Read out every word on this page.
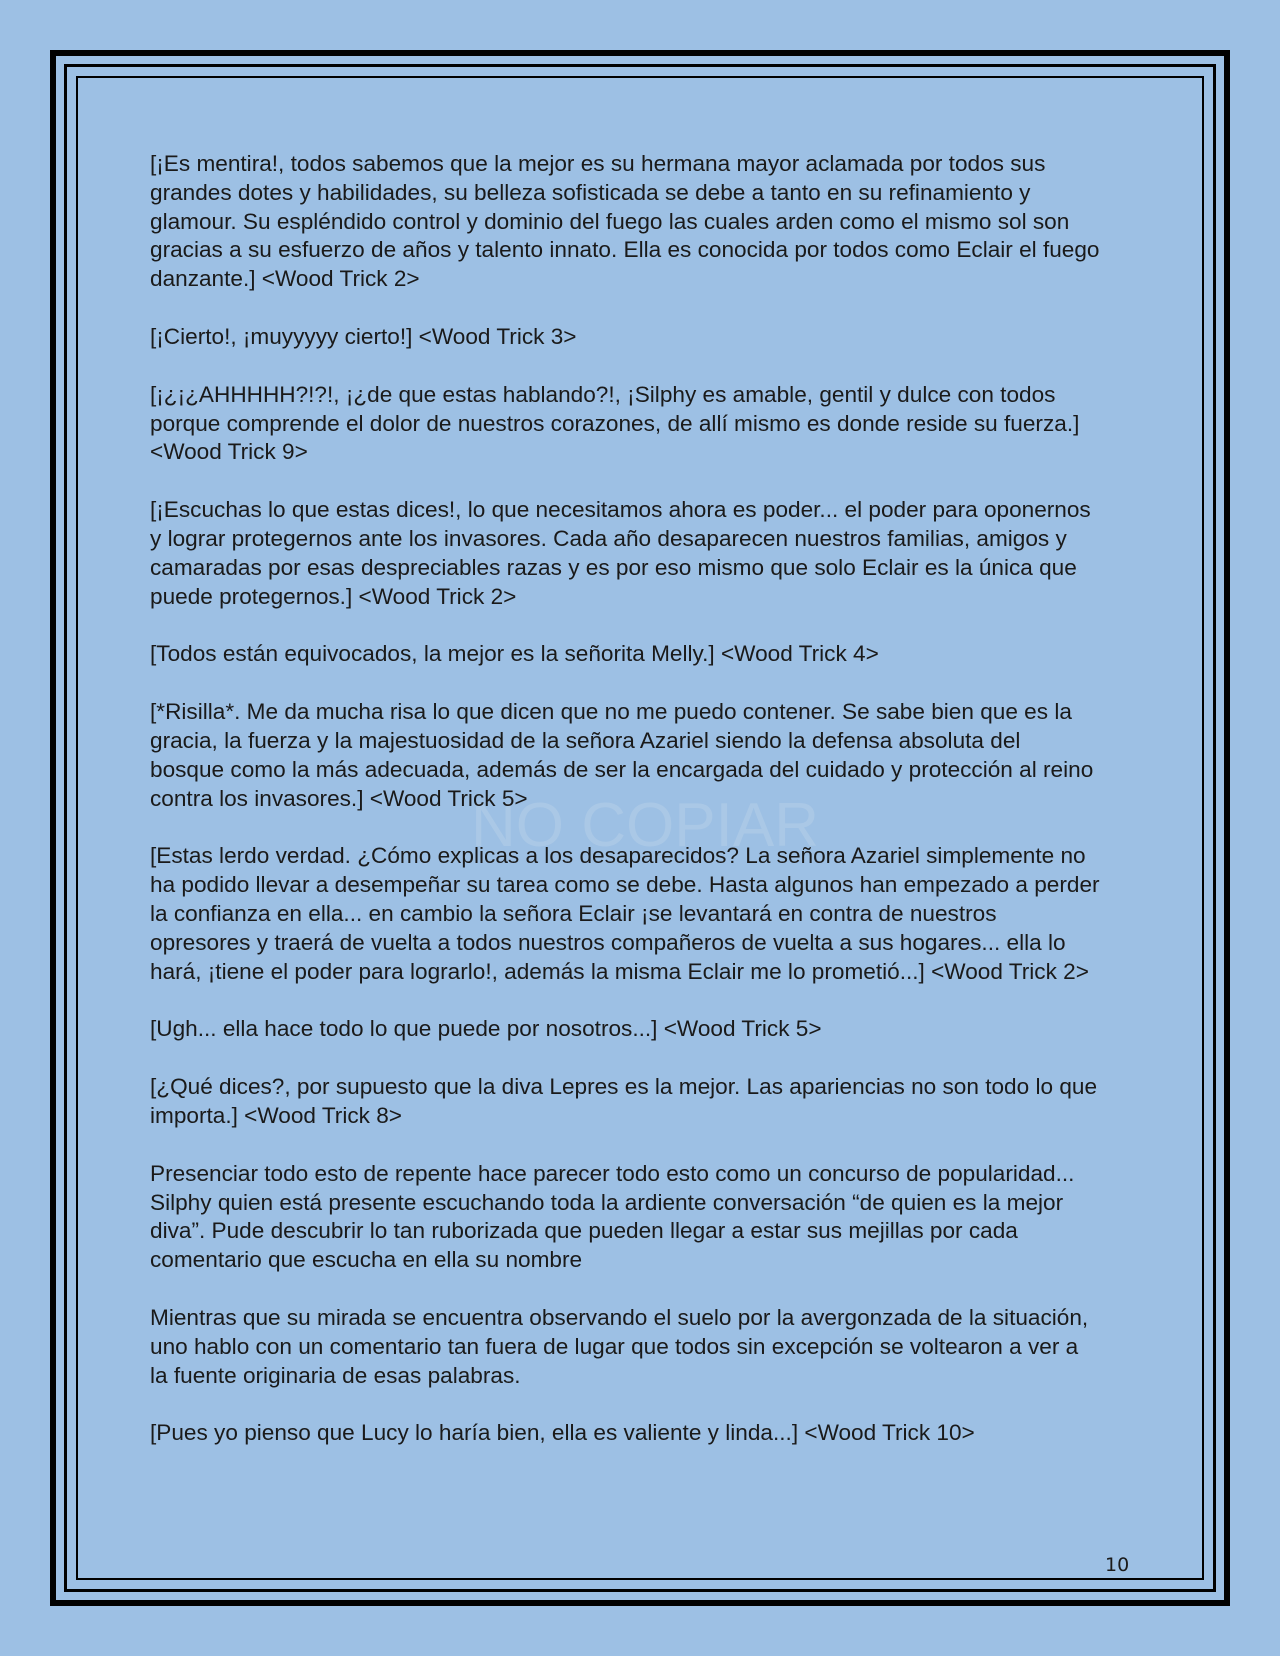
NO COPIAR

[¡Es mentira!, todos sabemos que la mejor es su hermana mayor aclamada por todos sus grandes dotes y habilidades, su belleza sofisticada se debe a tanto en su refinamiento y glamour. Su espléndido control y dominio del fuego las cuales arden como el mismo sol son gracias a su esfuerzo de años y talento innato. Ella es conocida por todos como Eclair el fuego danzante.] <Wood Trick 2>

[¡Cierto!, ¡muyyyyy cierto!] <Wood Trick 3>

[¡¿¡¿AHHHHH?!?!, ¡¿de que estas hablando?!, ¡Silphy es amable, gentil y dulce con todos porque comprende el dolor de nuestros corazones, de allí mismo es donde reside su fuerza.] <Wood Trick 9>

[¡Escuchas lo que estas dices!, lo que necesitamos ahora es poder... el poder para oponernos y lograr protegernos ante los invasores. Cada año desaparecen nuestros familias, amigos y camaradas por esas despreciables razas y es por eso mismo que solo Eclair es la única que puede protegernos.] <Wood Trick 2>

[Todos están equivocados, la mejor es la señorita Melly.] <Wood Trick 4>

[*Risilla*. Me da mucha risa lo que dicen que no me puedo contener. Se sabe bien que es la gracia, la fuerza y la majestuosidad de la señora Azariel siendo la defensa absoluta del bosque como la más adecuada, además de ser la encargada del cuidado y protección al reino contra los invasores.] <Wood Trick 5>

[Estas lerdo verdad. ¿Cómo explicas a los desaparecidos? La señora Azariel simplemente no ha podido llevar a desempeñar su tarea como se debe. Hasta algunos han empezado a perder la confianza en ella... en cambio la señora Eclair ¡se levantará en contra de nuestros opresores y traerá de vuelta a todos nuestros compañeros de vuelta a sus hogares... ella lo hará, ¡tiene el poder para lograrlo!, además la misma Eclair me lo prometió...] <Wood Trick 2>

[Ugh... ella hace todo lo que puede por nosotros...] <Wood Trick 5>

[¿Qué dices?, por supuesto que la diva Lepres es la mejor. Las apariencias no son todo lo que importa.] <Wood Trick 8>

Presenciar todo esto de repente hace parecer todo esto como un concurso de popularidad... Silphy quien está presente escuchando toda la ardiente conversación “de quien es la mejor diva”. Pude descubrir lo tan ruborizada que pueden llegar a estar sus mejillas por cada comentario que escucha en ella su nombre

Mientras que su mirada se encuentra observando el suelo por la avergonzada de la situación, uno hablo con un comentario tan fuera de lugar que todos sin excepción se voltearon a ver a la fuente originaria de esas palabras.

[Pues yo pienso que Lucy lo haría bien, ella es valiente y linda...] <Wood Trick 10>

10
